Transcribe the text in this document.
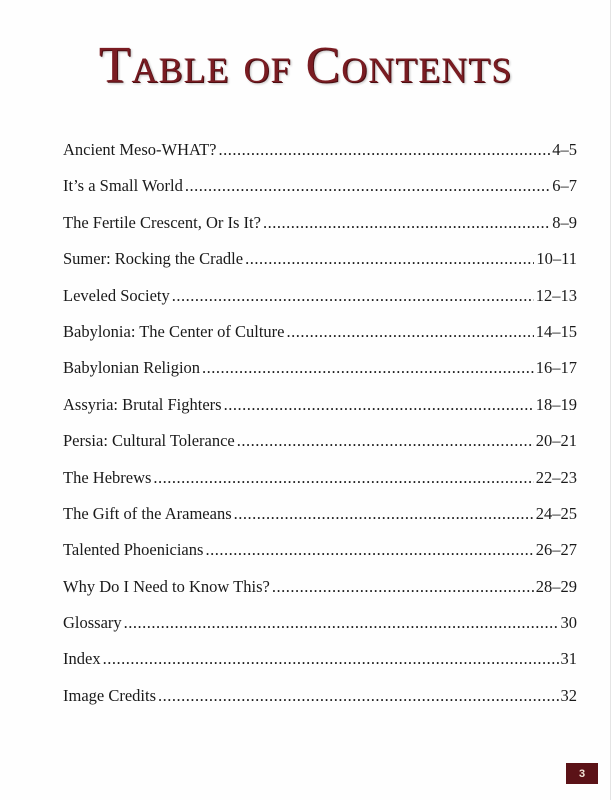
Table of Contents
Ancient Meso-WHAT? .....	4–5
It’s a Small World .....	6–7
The Fertile Crescent, Or Is It? .....	8–9
Sumer: Rocking the Cradle .....	10–11
Leveled Society .....	12–13
Babylonia: The Center of Culture .....	14–15
Babylonian Religion .....	16–17
Assyria: Brutal Fighters .....	18–19
Persia: Cultural Tolerance .....	20–21
The Hebrews .....	22–23
The Gift of the Arameans .....	24–25
Talented Phoenicians .....	26–27
Why Do I Need to Know This? .....	28–29
Glossary .....	30
Index .....	31
Image Credits .....	32
3
